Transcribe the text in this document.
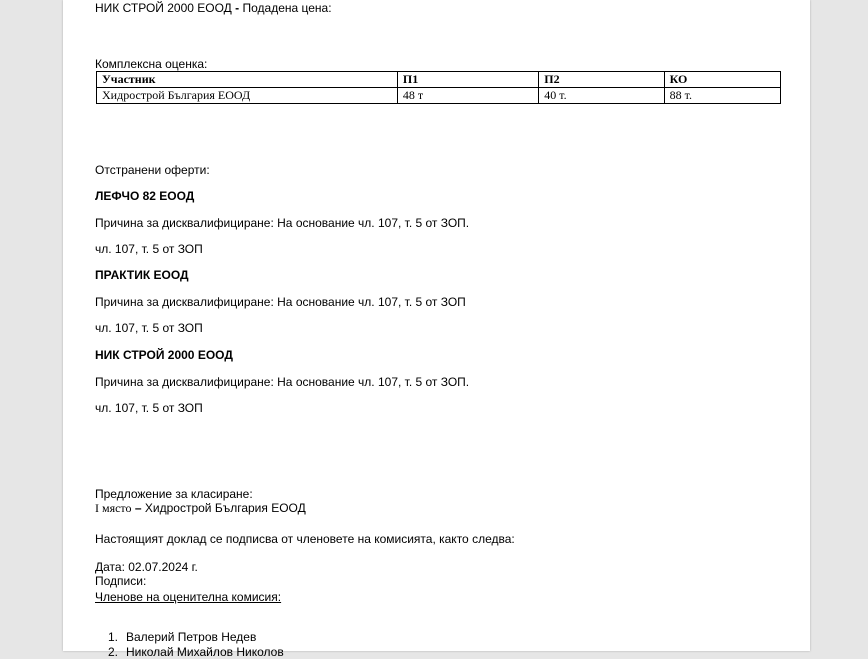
НИК СТРОЙ 2000 ЕООД - Подадена цена:
Комплексна оценка:
Участник	П1	П2	КО
Хидрострой България ЕООД	48 т	40 т.	88 т.
Отстранени оферти:
ЛЕФЧО 82 ЕООД
Причина за дисквалифициране: На основание чл. 107, т. 5 от ЗОП.
чл. 107, т. 5 от ЗОП
ПРАКТИК ЕООД
Причина за дисквалифициране: На основание чл. 107, т. 5 от ЗОП
чл. 107, т. 5 от ЗОП
НИК СТРОЙ 2000 ЕООД
Причина за дисквалифициране: На основание чл. 107, т. 5 от ЗОП.
чл. 107, т. 5 от ЗОП
Предложение за класиране:
I място – Хидрострой България ЕООД
Настоящият доклад се подписва от членовете на комисията, както следва:
Дата: 02.07.2024 г.
Подписи:
Членове на оценителна комисия:
1. Валерий Петров Недев
2. Николай Михайлов Николов
